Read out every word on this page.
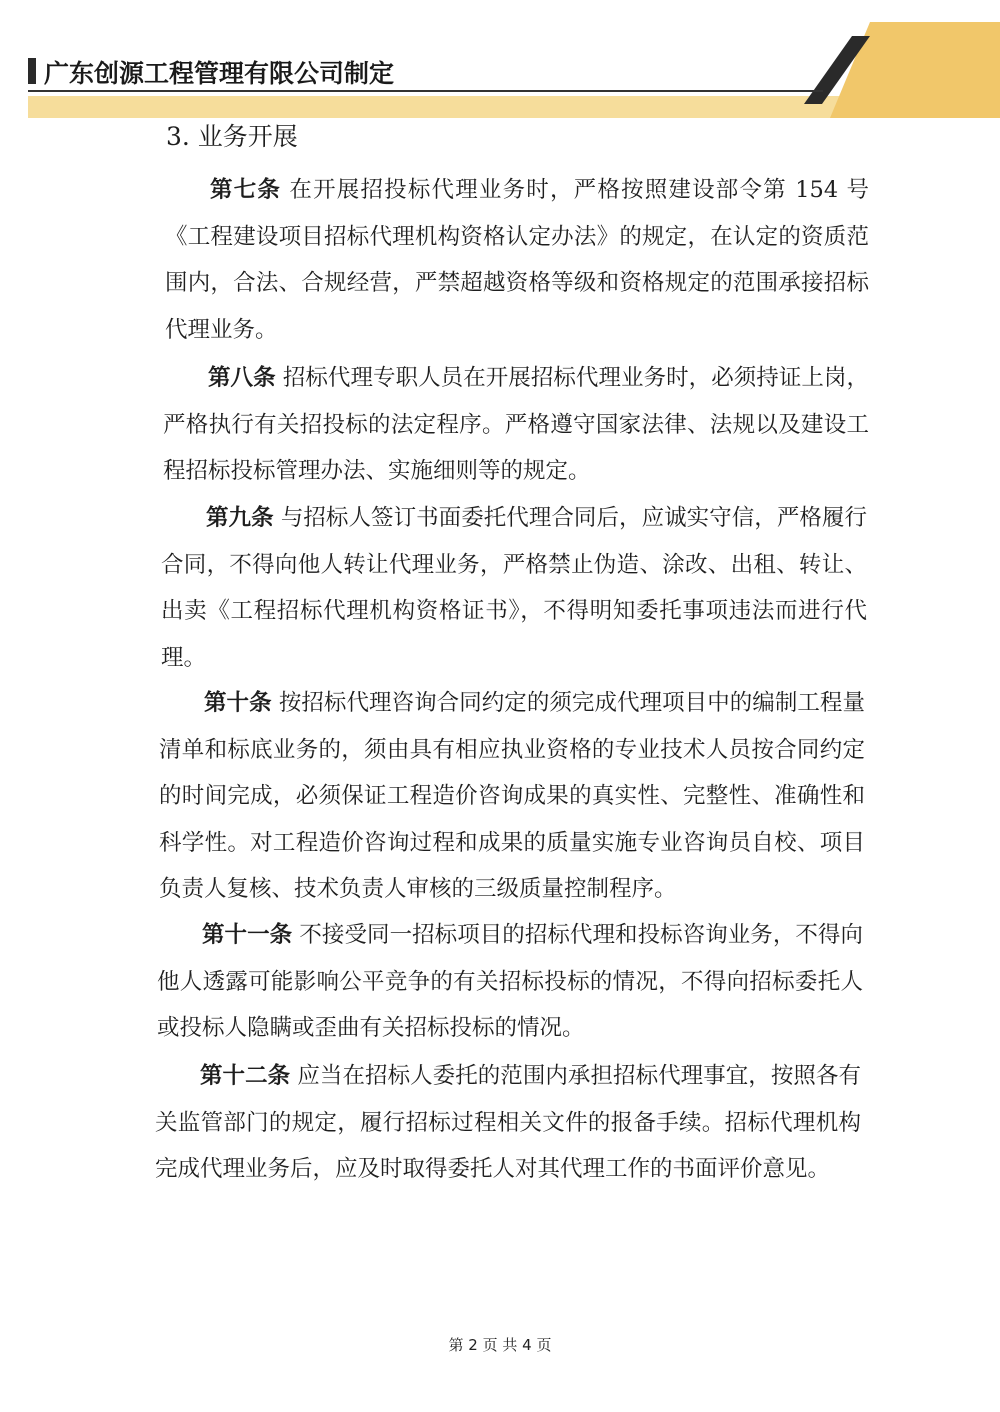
广东创源工程管理有限公司制定
3. 业务开展
第七条 在开展招投标代理业务时，严格按照建设部令第 154 号《工程建设项目招标代理机构资格认定办法》的规定，在认定的资质范围内，合法、合规经营，严禁超越资格等级和资格规定的范围承接招标代理业务。
第八条 招标代理专职人员在开展招标代理业务时，必须持证上岗，严格执行有关招投标的法定程序。严格遵守国家法律、法规以及建设工程招标投标管理办法、实施细则等的规定。
第九条 与招标人签订书面委托代理合同后，应诚实守信，严格履行合同，不得向他人转让代理业务，严格禁止伪造、涂改、出租、转让、出卖《工程招标代理机构资格证书》，不得明知委托事项违法而进行代理。
第十条 按招标代理咨询合同约定的须完成代理项目中的编制工程量清单和标底业务的，须由具有相应执业资格的专业技术人员按合同约定的时间完成，必须保证工程造价咨询成果的真实性、完整性、准确性和科学性。对工程造价咨询过程和成果的质量实施专业咨询员自校、项目负责人复核、技术负责人审核的三级质量控制程序。
第十一条 不接受同一招标项目的招标代理和投标咨询业务，不得向他人透露可能影响公平竞争的有关招标投标的情况，不得向招标委托人或投标人隐瞒或歪曲有关招标投标的情况。
第十二条 应当在招标人委托的范围内承担招标代理事宜，按照各有关监管部门的规定，履行招标过程相关文件的报备手续。招标代理机构完成代理业务后，应及时取得委托人对其代理工作的书面评价意见。
第 2 页 共 4 页
